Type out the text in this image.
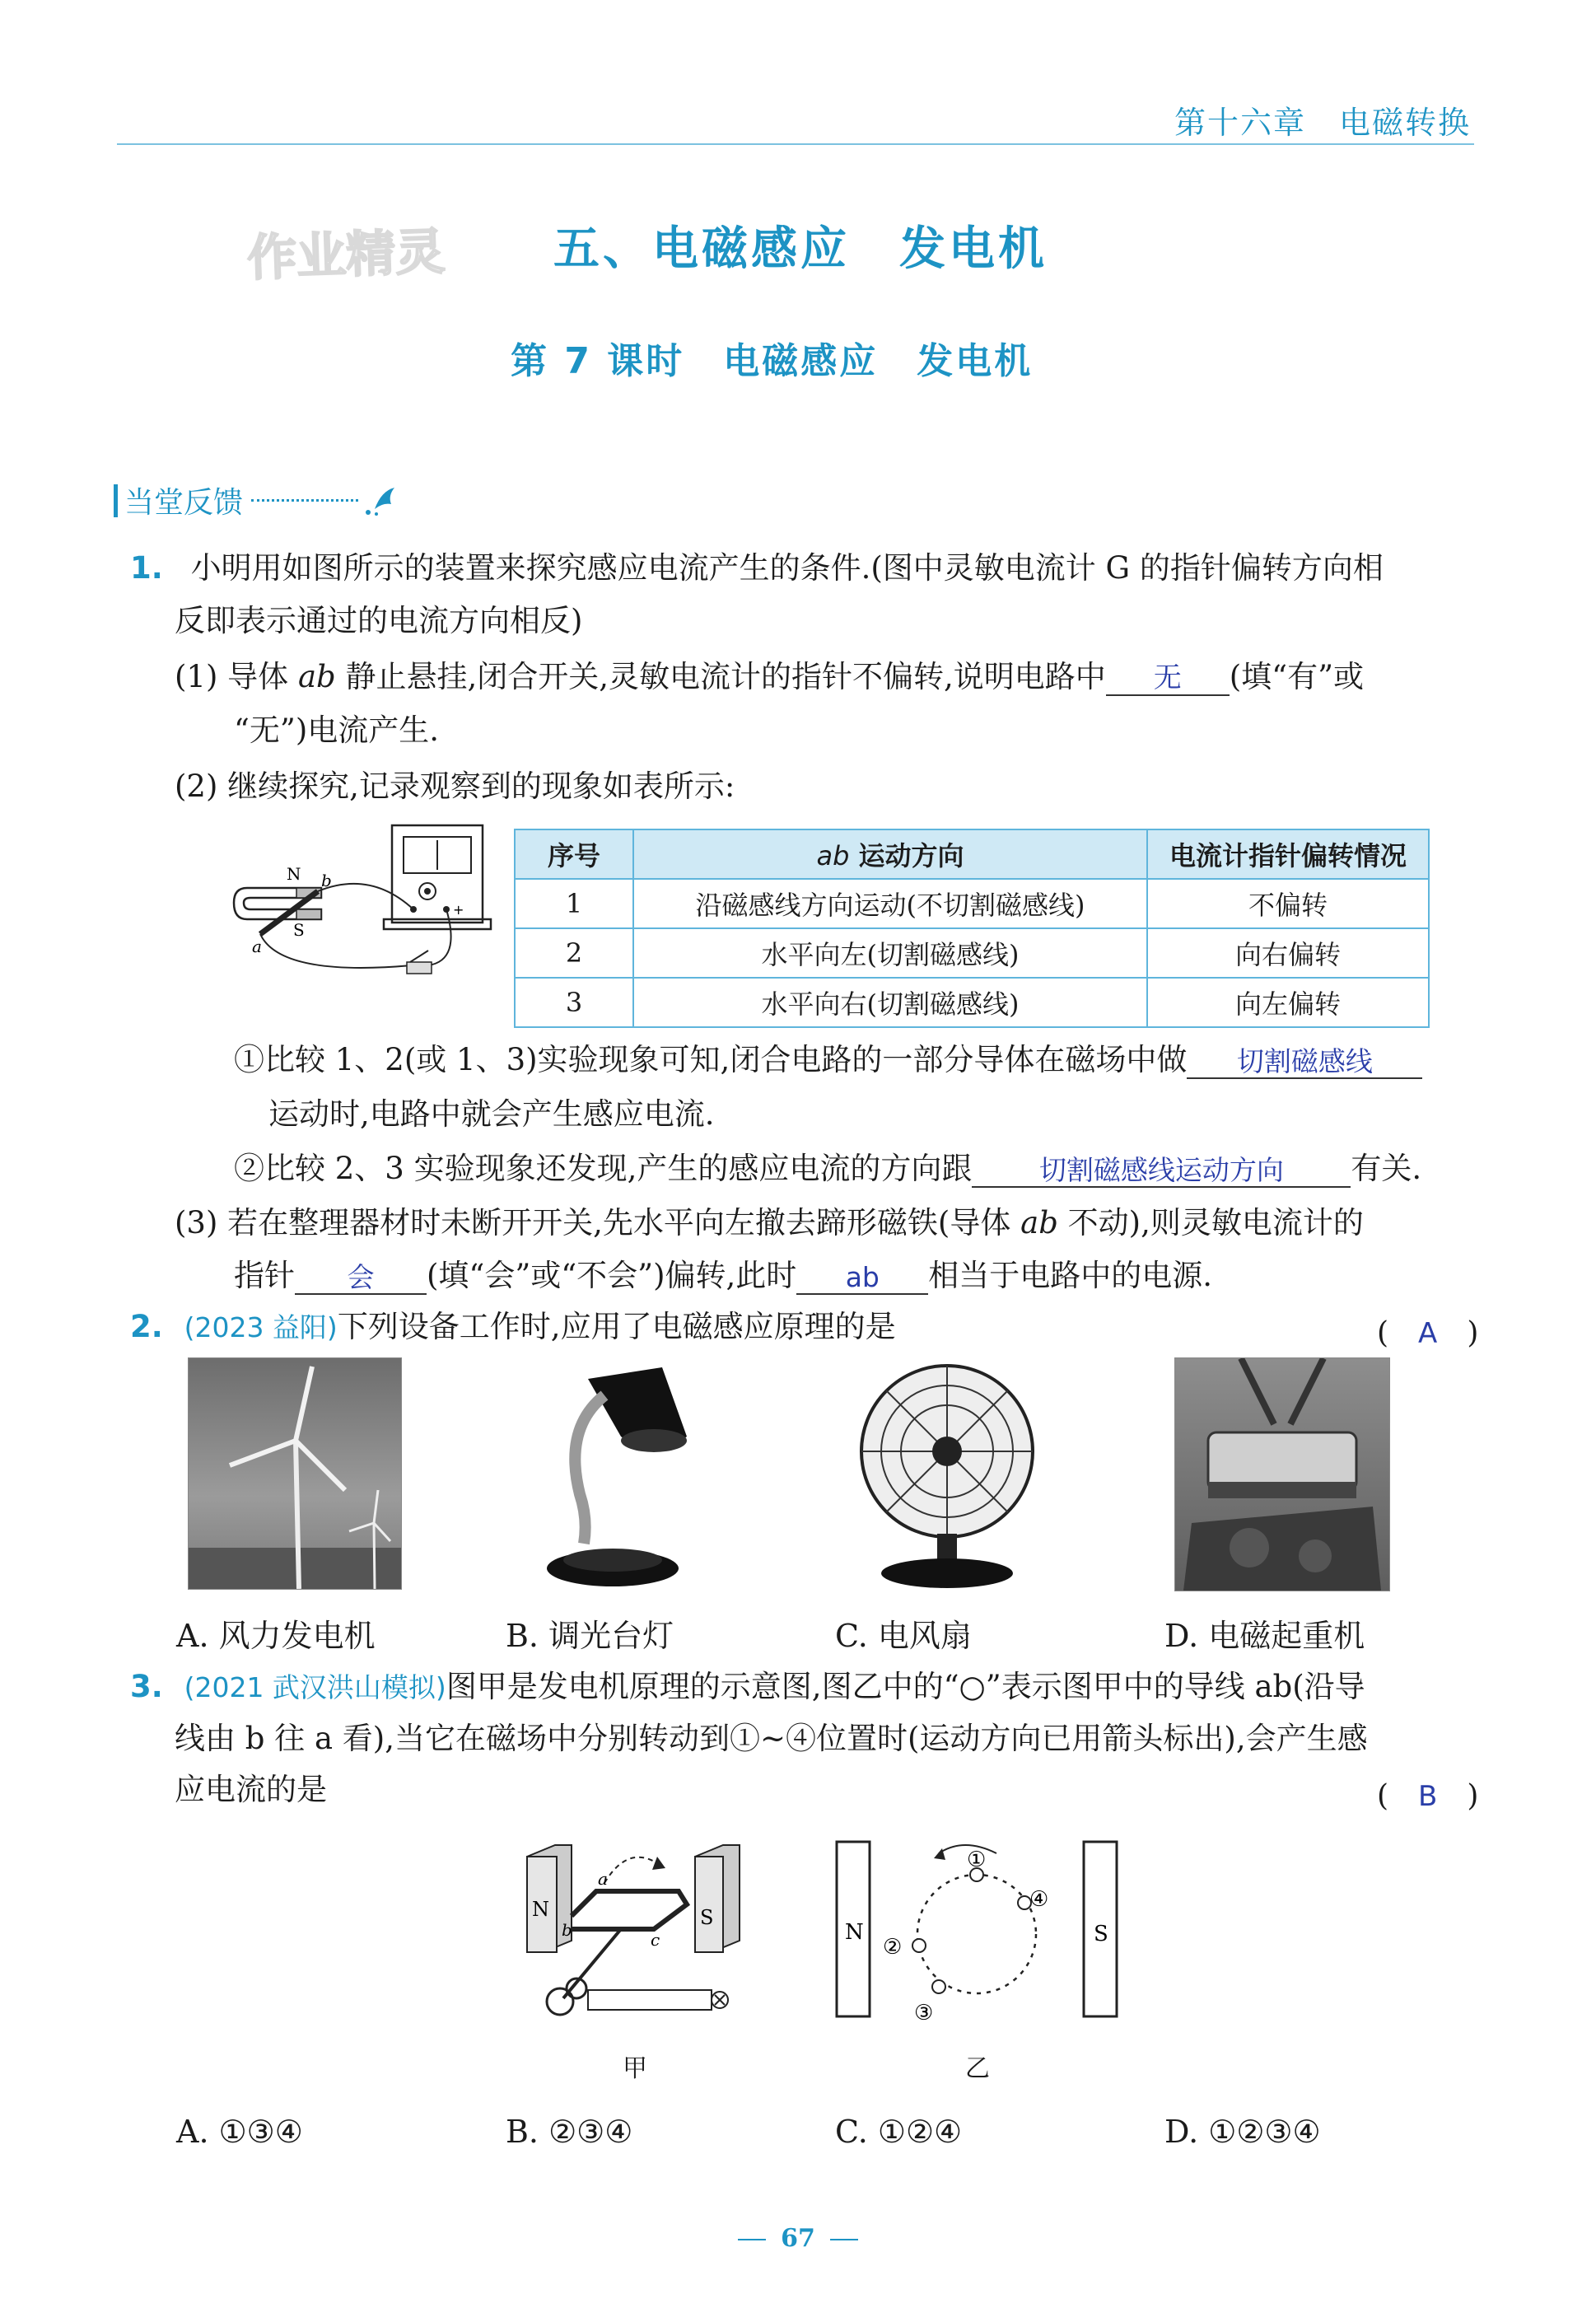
第十六章　电磁转换
作业精灵 五、电磁感应　发电机
第 7 课时　电磁感应　发电机
当堂反馈
1. 小明用如图所示的装置来探究感应电流产生的条件.(图中灵敏电流计 G 的指针偏转方向相
反即表示通过的电流方向相反)
(1) 导体 ab 静止悬挂,闭合开关,灵敏电流计的指针不偏转,说明电路中 无 (填“有”或
“无”)电流产生.
(2) 继续探究,记录观察到的现象如表所示:
+
N
S
a
b
序号	ab 运动方向	电流计指针偏转情况
1	沿磁感线方向运动(不切割磁感线)	不偏转
2	水平向左(切割磁感线)	向右偏转
3	水平向右(切割磁感线)	向左偏转
①比较 1、2(或 1、3)实验现象可知,闭合电路的一部分导体在磁场中做 切割磁感线
运动时,电路中就会产生感应电流.
②比较 2、3 实验现象还发现,产生的感应电流的方向跟 切割磁感线运动方向 有关.
(3) 若在整理器材时未断开开关,先水平向左撤去蹄形磁铁(导体 ab 不动),则灵敏电流计的
指针 会 (填“会”或“不会”)偏转,此时 ab 相当于电路中的电源.
2. (2023 益阳)下列设备工作时,应用了电磁感应原理的是	(　A　)
A. 风力发电机	B. 调光台灯	C. 电风扇	D. 电磁起重机
3. (2021 武汉洪山模拟)图甲是发电机原理的示意图,图乙中的“○”表示图甲中的导线 ab(沿导
线由 b 往 a 看),当它在磁场中分别转动到①~④位置时(运动方向已用箭头标出),会产生感
应电流的是	(　B　)
N	S
a
b	c
甲
N	S
①
②
③
④
乙
A. ①③④	B. ②③④	C. ①②④	D. ①②③④
67
